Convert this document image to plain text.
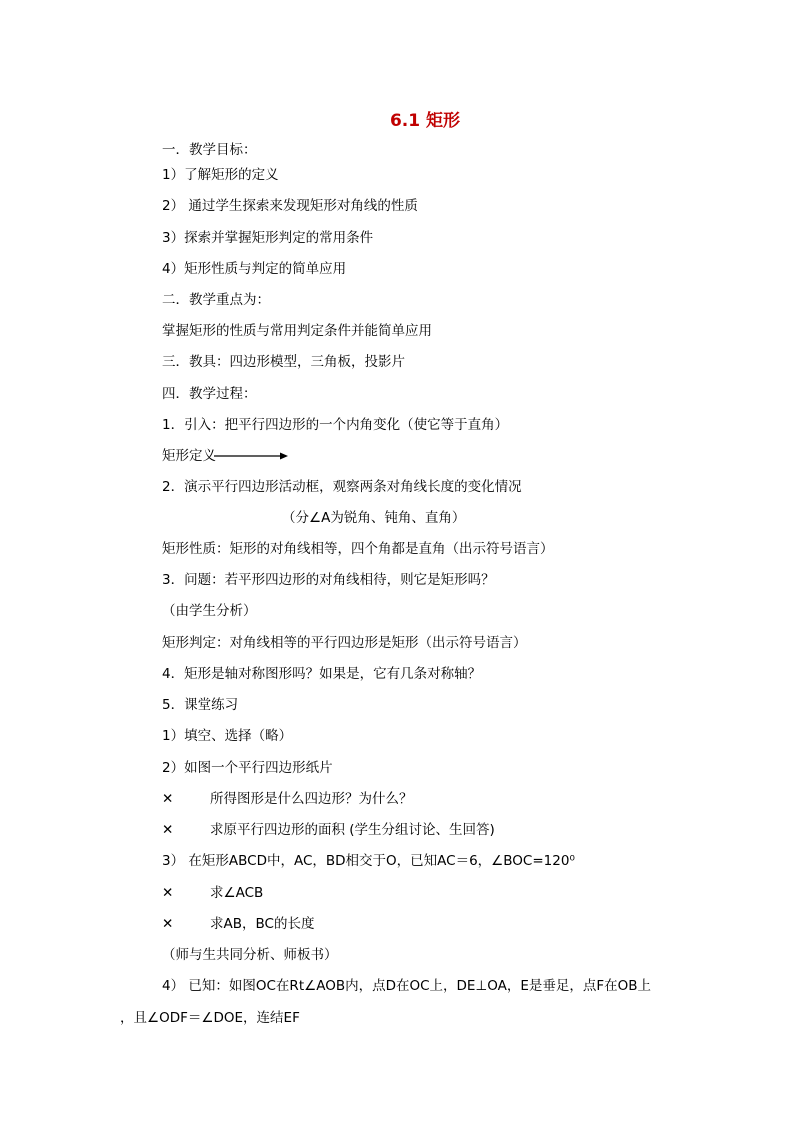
6.1 矩形
一．教学目标：
1）了解矩形的定义
2） 通过学生探索来发现矩形对角线的性质
3）探索并掌握矩形判定的常用条件
4）矩形性质与判定的简单应用
二．教学重点为：
掌握矩形的性质与常用判定条件并能简单应用
三．教具：四边形模型，三角板，投影片
四．教学过程：
1．引入：把平行四边形的一个内角变化（使它等于直角）
矩形定义
2．演示平行四边形活动框，观察两条对角线长度的变化情况
（分∠A为锐角、钝角、直角）
矩形性质：矩形的对角线相等，四个角都是直角（出示符号语言）
3．问题：若平形四边形的对角线相待，则它是矩形吗？
（由学生分析）
矩形判定：对角线相等的平行四边形是矩形（出示符号语言）
4．矩形是轴对称图形吗？如果是，它有几条对称轴？
5．课堂练习
1）填空、选择（略）
2）如图一个平行四边形纸片
✕	所得图形是什么四边形？为什么？
✕	求原平行四边形的面积 (学生分组讨论、生回答)
3） 在矩形ABCD中，AC，BD相交于O，已知AC＝6，∠BOC=120⁰
✕	求∠ACB
✕	求AB，BC的长度
（师与生共同分析、师板书）
4） 已知：如图OC在Rt∠AOB内，点D在OC上，DE⊥OA，E是垂足，点F在OB上
，且∠ODF＝∠DOE，连结EF
